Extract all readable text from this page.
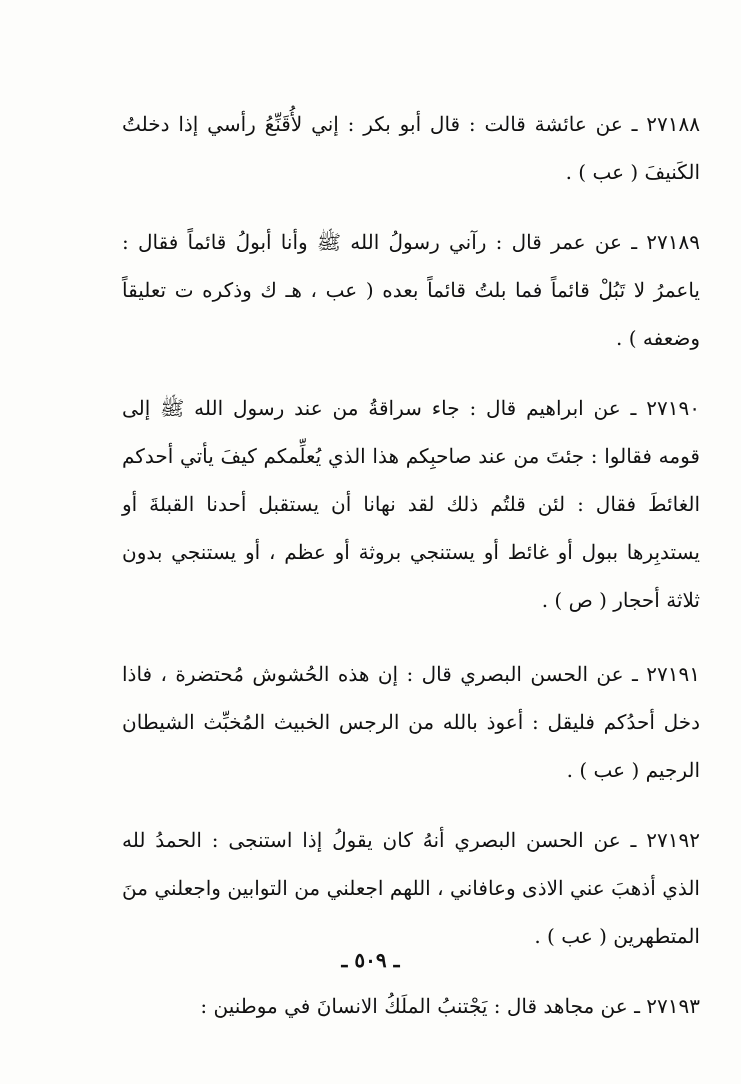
٢٧١٨٨ ـ عن عائشة قالت : قال أبو بكر : إني لأُقَنِّعُ رأسي إذا دخلتُ الكَنيفَ ( عب ) .

٢٧١٨٩ ـ عن عمر قال : رآني رسولُ الله ﷺ وأنا أبولُ قائماً فقال : ياعمرُ لا تَبُلْ قائماً فما بلتُ قائماً بعده ( عب ، هـ ك وذكره ت تعليقاً وضعفه ) .

٢٧١٩٠ ـ عن ابراهيم قال : جاء سراقةُ من عند رسول الله ﷺ إلى قومه فقالوا : جئتَ من عند صاحبِكم هذا الذي يُعلِّمكم كيفَ يأتي أحدكم الغائطَ فقال : لئن قلتُم ذلك لقد نهانا أن يستقبل أحدنا القبلةَ أو يستدبِرها ببول أو غائط أو يستنجي بروثة أو عظم ، أو يستنجي بدون ثلاثة أحجار ( ص ) .

٢٧١٩١ ـ عن الحسن البصري قال : إن هذه الحُشوش مُحتضرة ، فاذا دخل أحدُكم فليقل : أعوذ بالله من الرجس الخبيث المُخبِّث الشيطان الرجيم ( عب ) .

٢٧١٩٢ ـ عن الحسن البصري أنهُ كان يقولُ إذا استنجى : الحمدُ لله الذي أذهبَ عني الاذى وعافاني ، اللهم اجعلني من التوابين واجعلني منَ المتطهرين ( عب ) .

٢٧١٩٣ ـ عن مجاهد قال : يَجْتنبُ الملَكُ الانسانَ في موطنين :

ـ ٥٠٩ ـ
